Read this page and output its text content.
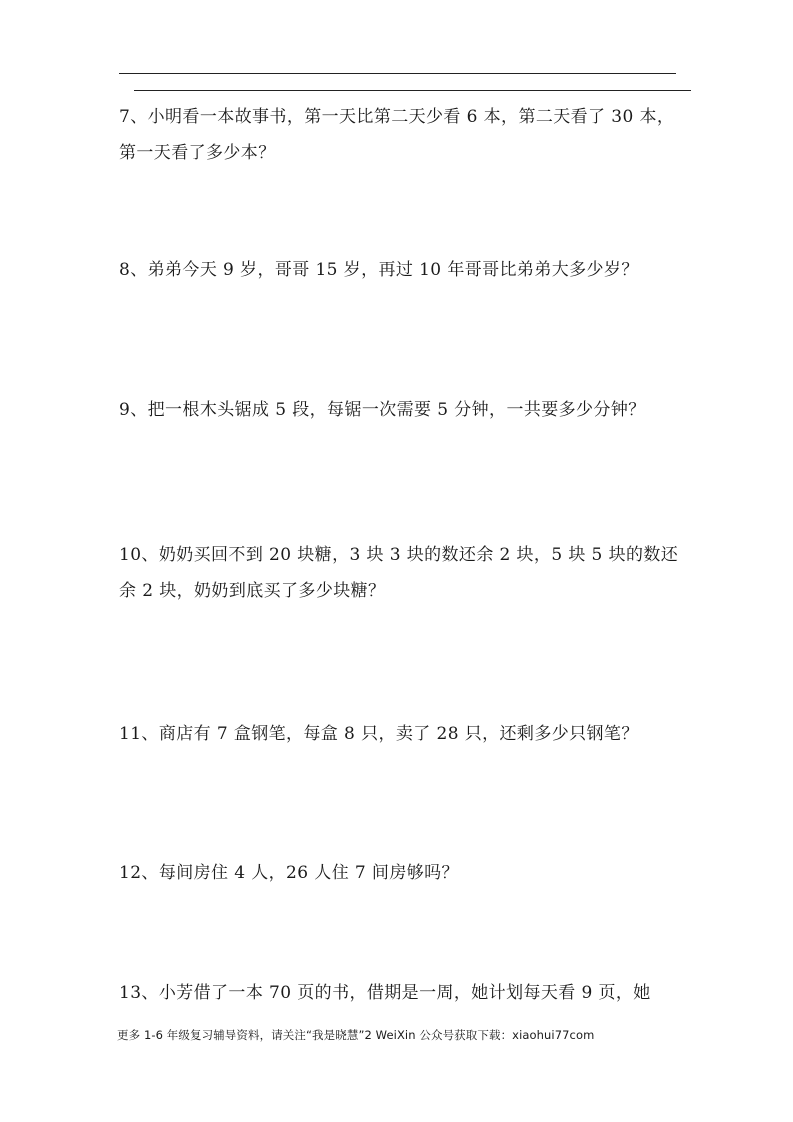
7、小明看一本故事书，第一天比第二天少看 6 本，第二天看了 30 本，
第一天看了多少本？
8、弟弟今天 9 岁，哥哥 15 岁，再过 10 年哥哥比弟弟大多少岁？
9、把一根木头锯成 5 段，每锯一次需要 5 分钟，一共要多少分钟？
10、奶奶买回不到 20 块糖，3 块 3 块的数还余 2 块，5 块 5 块的数还
余 2 块，奶奶到底买了多少块糖？
11、商店有 7 盒钢笔，每盒 8 只，卖了 28 只，还剩多少只钢笔？
12、每间房住 4 人，26 人住 7 间房够吗？
13、小芳借了一本 70 页的书，借期是一周，她计划每天看 9 页，她
更多 1-6 年级复习辅导资料，请关注“我是晓慧”2 WeiXin 公众号获取下载：xiaohui77com
